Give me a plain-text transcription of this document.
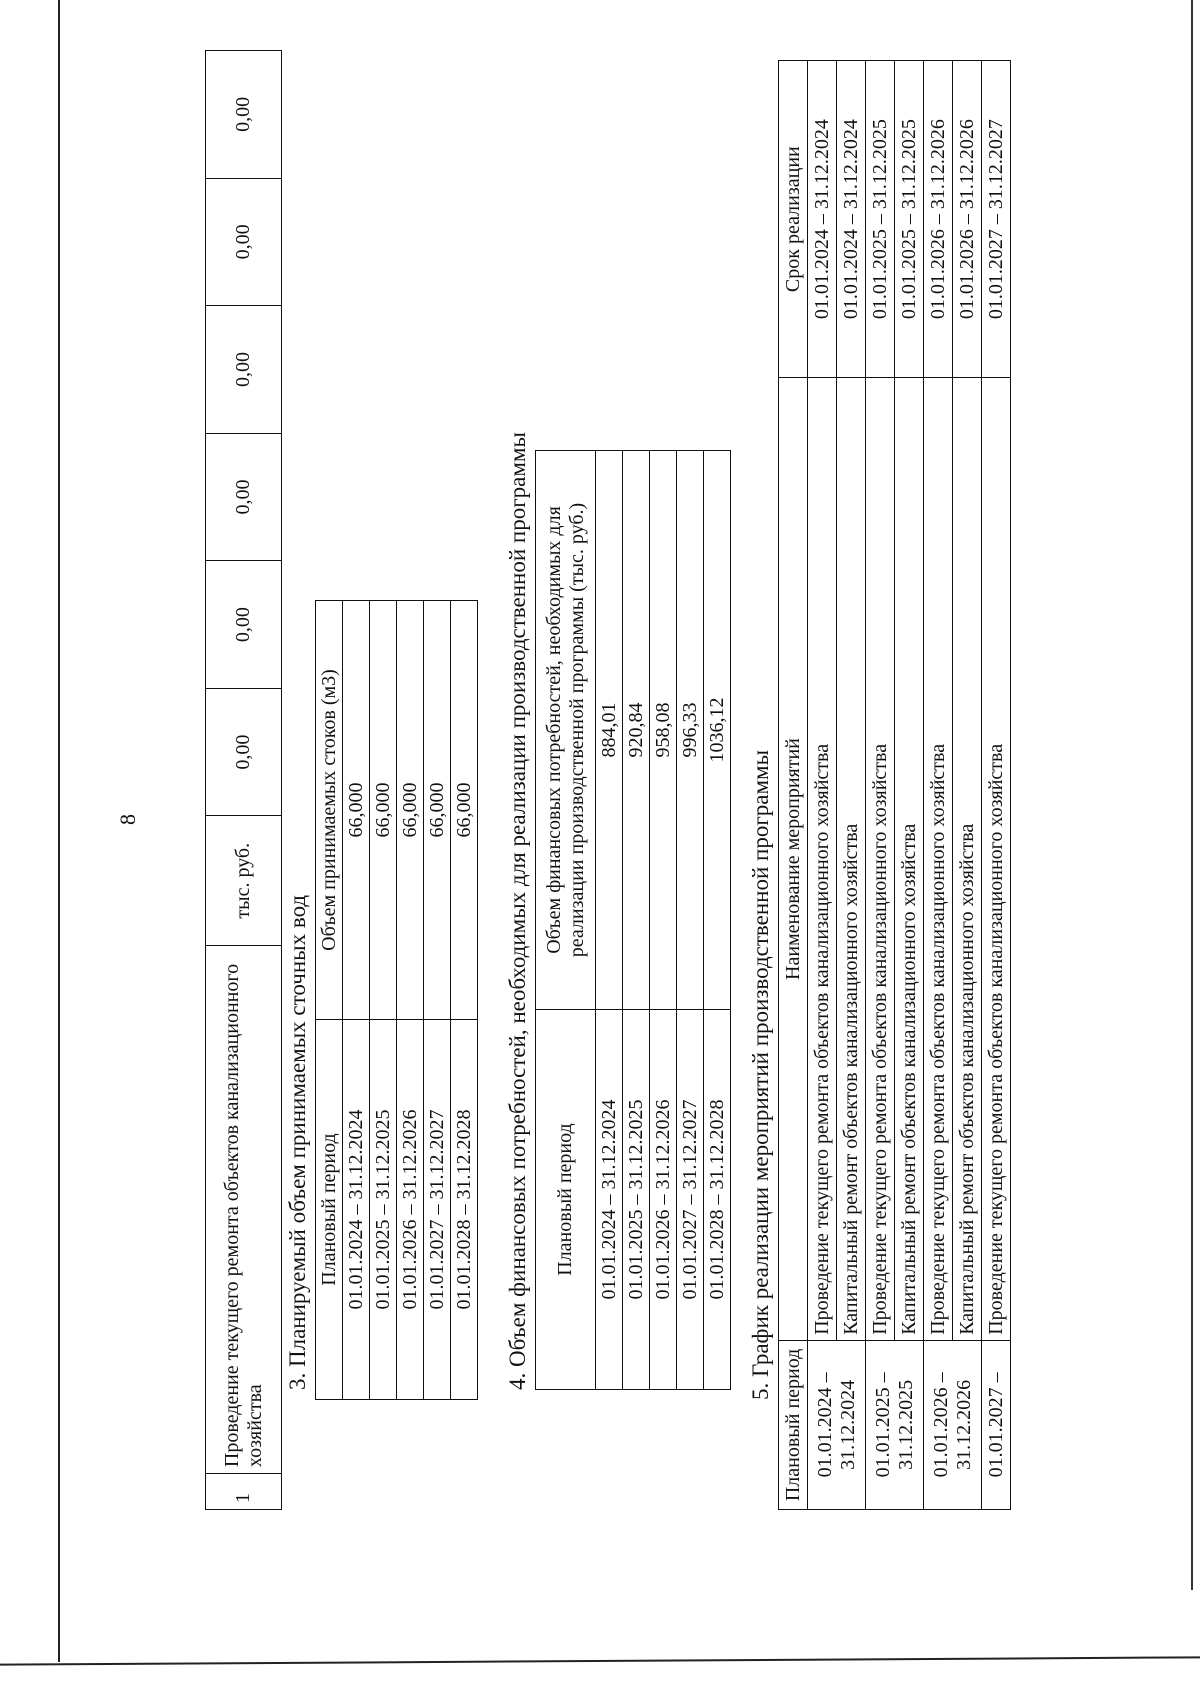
8
1	Проведение текущего ремонта объектов канализационного хозяйства	тыс. руб.	0,00	0,00	0,00	0,00	0,00	0,00
3. Планируемый объем принимаемых сточных вод Плановый период	Объем принимаемых стоков (м3)
01.01.2024 – 31.12.2024	66,000
01.01.2025 – 31.12.2025	66,000
01.01.2026 – 31.12.2026	66,000
01.01.2027 – 31.12.2027	66,000
01.01.2028 – 31.12.2028	66,000 4. Объем финансовых потребностей, необходимых для реализации производственной программы Плановый период	Объем финансовых потребностей, необходимых для реализации производственной программы (тыс. руб.)
01.01.2024 – 31.12.2024	884,01
01.01.2025 – 31.12.2025	920,84
01.01.2026 – 31.12.2026	958,08
01.01.2027 – 31.12.2027	996,33
01.01.2028 – 31.12.2028	1036,12
5. График реализации мероприятий производственной программы
Плановый период	Наименование мероприятий	Срок реализации
01.01.2024 – 31.12.2024	Проведение текущего ремонта объектов канализационного хозяйства	01.01.2024 – 31.12.2024
	Капитальный ремонт объектов канализационного хозяйства	01.01.2024 – 31.12.2024
01.01.2025 – 31.12.2025	Проведение текущего ремонта объектов канализационного хозяйства	01.01.2025 – 31.12.2025
	Капитальный ремонт объектов канализационного хозяйства	01.01.2025 – 31.12.2025
01.01.2026 – 31.12.2026	Проведение текущего ремонта объектов канализационного хозяйства	01.01.2026 – 31.12.2026
	Капитальный ремонт объектов канализационного хозяйства	01.01.2026 – 31.12.2026
01.01.2027 –	Проведение текущего ремонта объектов канализационного хозяйства	01.01.2027 – 31.12.2027
